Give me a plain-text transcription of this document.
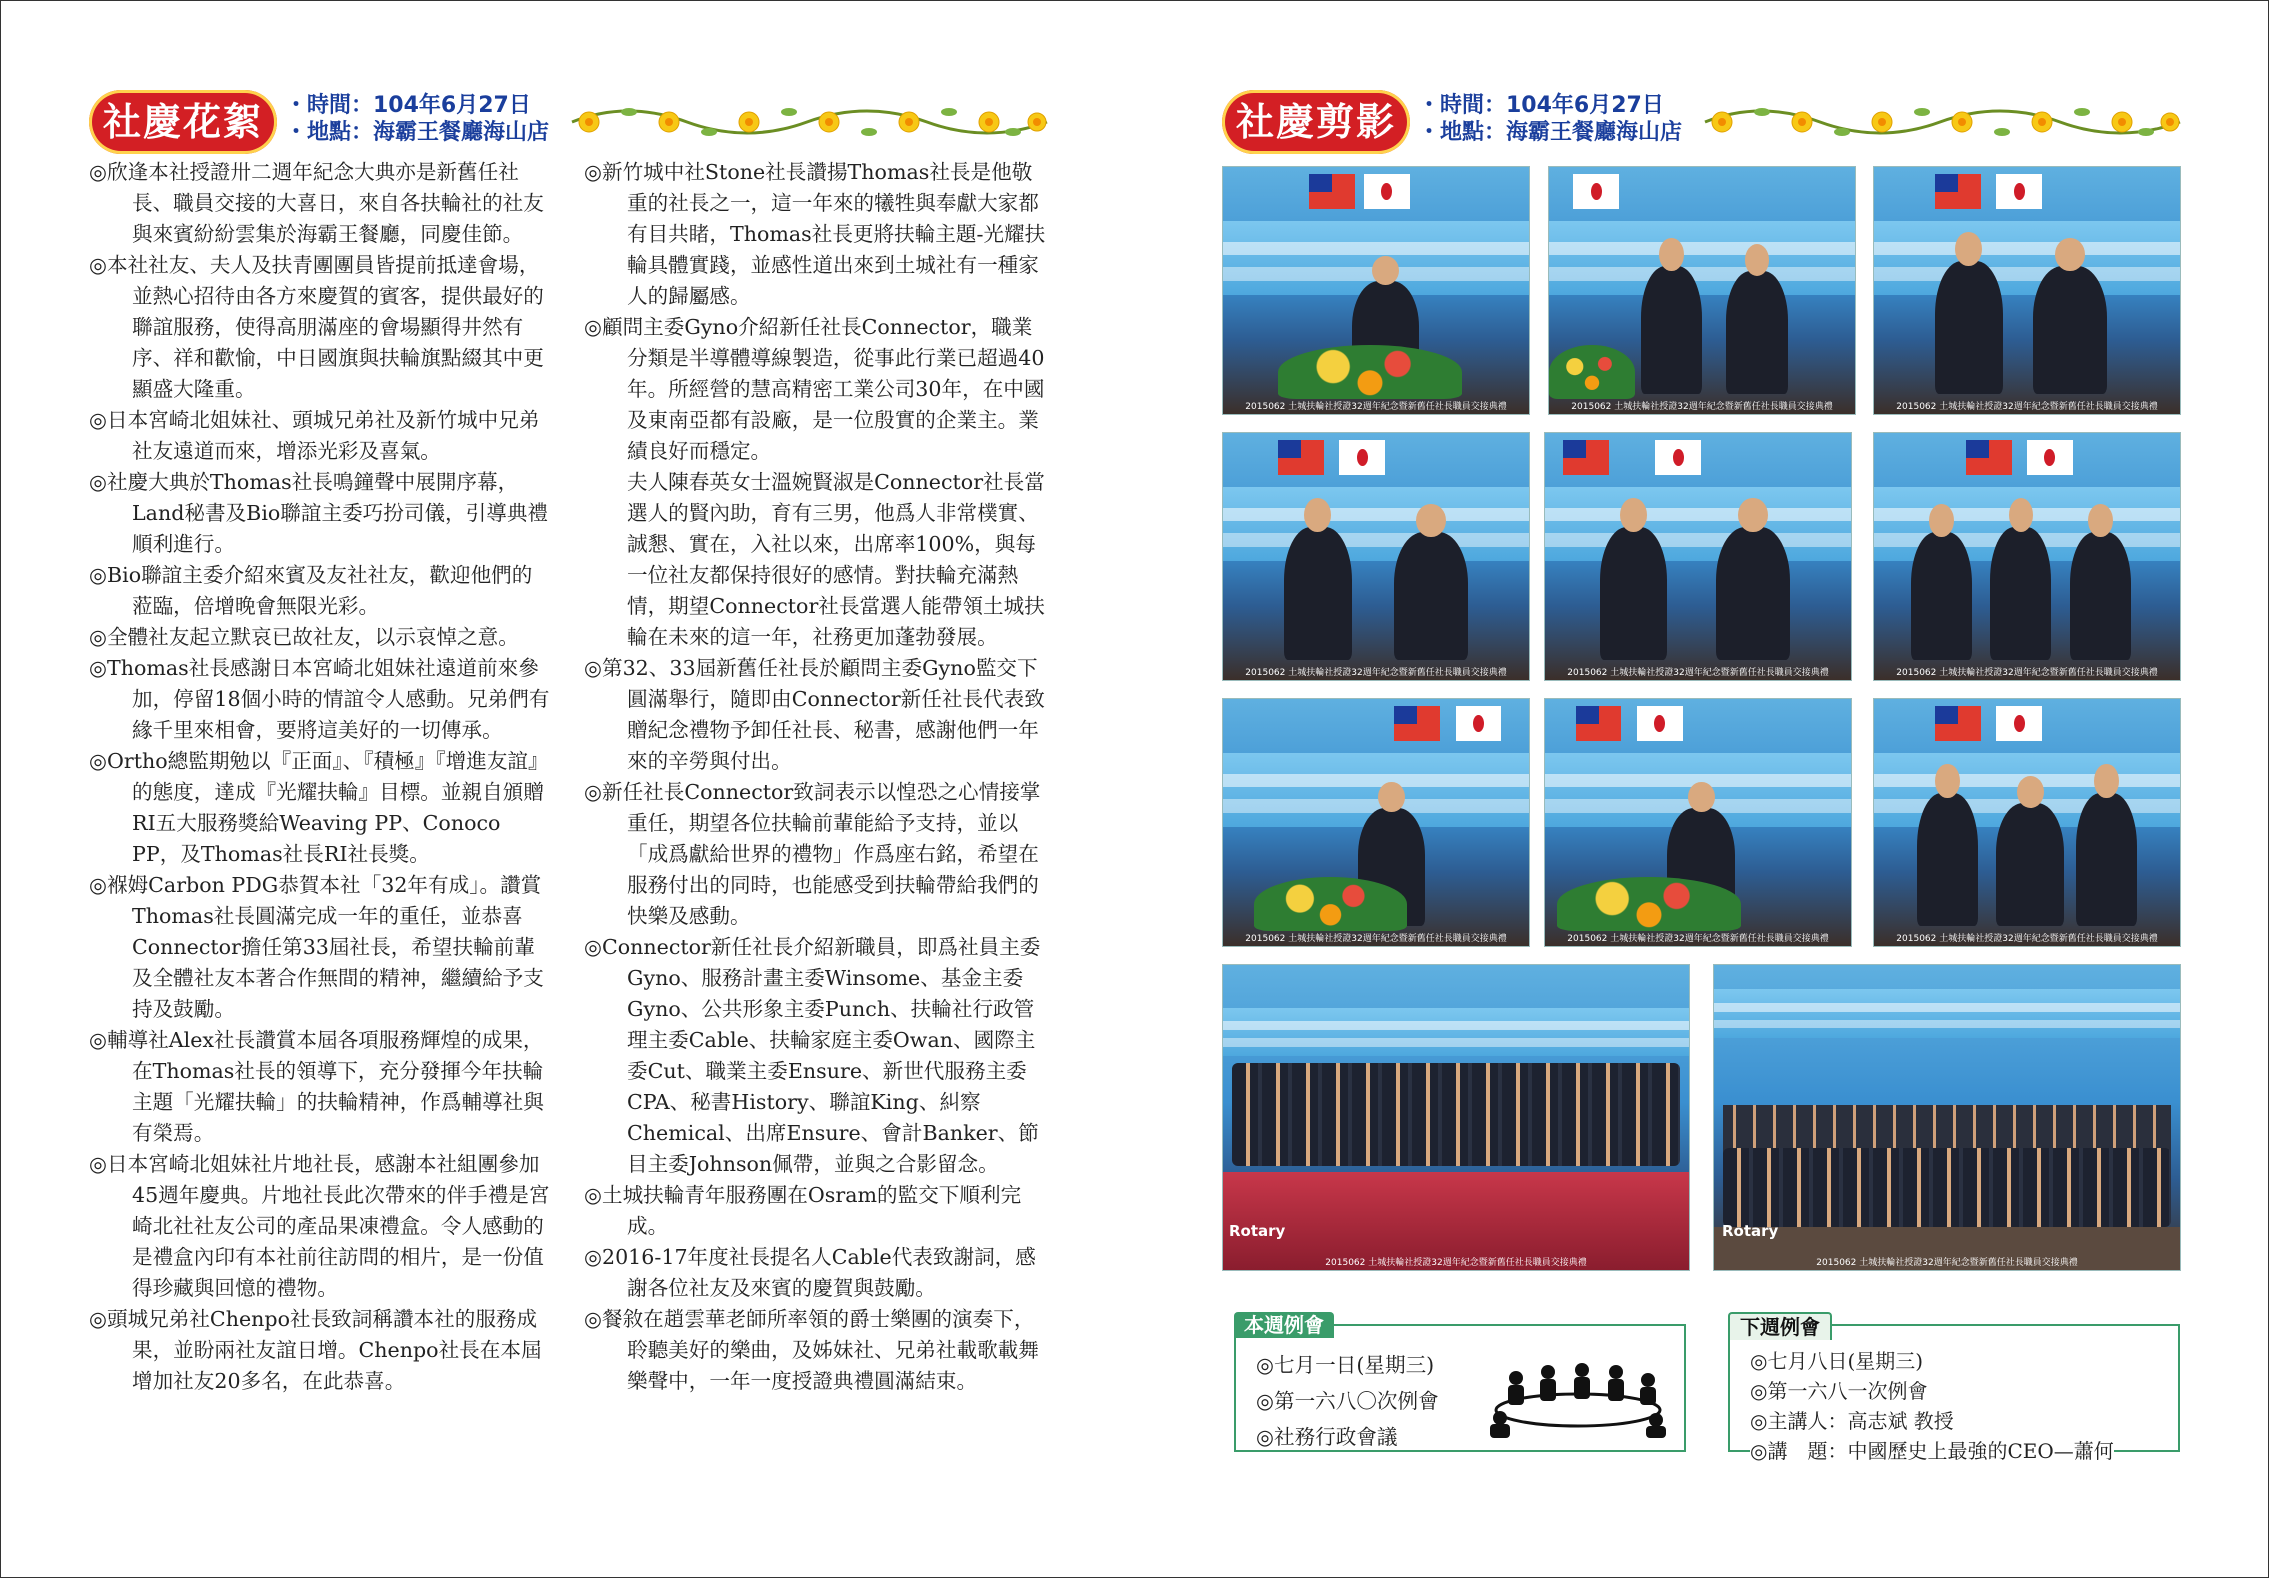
社慶花絮	・時間：104年6月27日
・地點：海霸王餐廳海山店

◎欣逢本社授證卅二週年紀念大典亦是新舊任社長、職員交接的大喜日，來自各扶輪社的社友與來賓紛紛雲集於海霸王餐廳，同慶佳節。

◎本社社友、夫人及扶青團團員皆提前抵達會場，並熱心招待由各方來慶賀的賓客，提供最好的聯誼服務，使得高朋滿座的會場顯得井然有序、祥和歡愉，中日國旗與扶輪旗點綴其中更顯盛大隆重。

◎日本宮崎北姐妹社、頭城兄弟社及新竹城中兄弟社友遠道而來，增添光彩及喜氣。

◎社慶大典於Thomas社長鳴鐘聲中展開序幕，Land秘書及Bio聯誼主委巧扮司儀，引導典禮順利進行。

◎Bio聯誼主委介紹來賓及友社社友，歡迎他們的蒞臨，倍增晚會無限光彩。

◎全體社友起立默哀已故社友，以示哀悼之意。

◎Thomas社長感謝日本宮崎北姐妹社遠道前來參加，停留18個小時的情誼令人感動。兄弟們有緣千里來相會，要將這美好的一切傳承。

◎Ortho總監期勉以『正面』、『積極』『增進友誼』的態度，達成『光耀扶輪』目標。並親自頒贈RI五大服務獎給Weaving PP、Conoco PP，及Thomas社長RI社長獎。

◎褓姆Carbon PDG恭賀本社「32年有成」。讚賞Thomas社長圓滿完成一年的重任，並恭喜Connector擔任第33屆社長，希望扶輪前輩及全體社友本著合作無間的精神，繼續給予支持及鼓勵。

◎輔導社Alex社長讚賞本屆各項服務輝煌的成果，在Thomas社長的領導下，充分發揮今年扶輪主題「光耀扶輪」的扶輪精神，作爲輔導社與有榮焉。

◎日本宮崎北姐妹社片地社長，感謝本社組團參加45週年慶典。片地社長此次帶來的伴手禮是宮崎北社社友公司的產品果凍禮盒。令人感動的是禮盒內印有本社前往訪問的相片，是一份值得珍藏與回憶的禮物。

◎頭城兄弟社Chenpo社長致詞稱讚本社的服務成果，並盼兩社友誼日增。Chenpo社長在本屆增加社友20多名，在此恭喜。

◎新竹城中社Stone社長讚揚Thomas社長是他敬重的社長之一，這一年來的犧牲與奉獻大家都有目共睹，Thomas社長更將扶輪主題-光耀扶輪具體實踐，並感性道出來到土城社有一種家人的歸屬感。

◎顧問主委Gyno介紹新任社長Connector，職業分類是半導體導線製造，從事此行業已超過40年。所經營的慧高精密工業公司30年，在中國及東南亞都有設廠，是一位殷實的企業主。業績良好而穩定。

夫人陳春英女士溫婉賢淑是Connector社長當選人的賢內助，育有三男，他爲人非常樸實、誠懇、實在，入社以來，出席率100%，與每一位社友都保持很好的感情。對扶輪充滿熱情，期望Connector社長當選人能帶領土城扶輪在未來的這一年，社務更加蓬勃發展。

◎第32、33屆新舊任社長於顧問主委Gyno監交下圓滿舉行，隨即由Connector新任社長代表致贈紀念禮物予卸任社長、秘書，感謝他們一年來的辛勞與付出。

◎新任社長Connector致詞表示以惶恐之心情接掌重任，期望各位扶輪前輩能給予支持，並以「成爲獻給世界的禮物」作爲座右銘，希望在服務付出的同時，也能感受到扶輪帶給我們的快樂及感動。

◎Connector新任社長介紹新職員，即爲社員主委Gyno、服務計畫主委Winsome、基金主委Gyno、公共形象主委Punch、扶輪社行政管理主委Cable、扶輪家庭主委Owan、國際主委Cut、職業主委Ensure、新世代服務主委CPA、秘書History、聯誼King、糾察Chemical、出席Ensure、會計Banker、節目主委Johnson佩帶，並與之合影留念。

◎土城扶輪青年服務團在Osram的監交下順利完成。

◎2016-17年度社長提名人Cable代表致謝詞，感謝各位社友及來賓的慶賀與鼓勵。

◎餐敘在趙雲華老師所率領的爵士樂團的演奏下，聆聽美好的樂曲，及姊妹社、兄弟社載歌載舞樂聲中，一年一度授證典禮圓滿結束。

社慶剪影	・時間：104年6月27日
・地點：海霸王餐廳海山店
2015062 土城扶輪社授證32週年紀念暨新舊任社長職員交接典禮	2015062 土城扶輪社授證32週年紀念暨新舊任社長職員交接典禮	2015062 土城扶輪社授證32週年紀念暨新舊任社長職員交接典禮
2015062 土城扶輪社授證32週年紀念暨新舊任社長職員交接典禮	2015062 土城扶輪社授證32週年紀念暨新舊任社長職員交接典禮	2015062 土城扶輪社授證32週年紀念暨新舊任社長職員交接典禮
2015062 土城扶輪社授證32週年紀念暨新舊任社長職員交接典禮	2015062 土城扶輪社授證32週年紀念暨新舊任社長職員交接典禮	2015062 土城扶輪社授證32週年紀念暨新舊任社長職員交接典禮
Rotary
2015062 土城扶輪社授證32週年紀念暨新舊任社長職員交接典禮
Rotary
2015062 土城扶輪社授證32週年紀念暨新舊任社長職員交接典禮
本週例會
◎七月一日(星期三)
◎第一六八〇次例會
◎社務行政會議
下週例會
◎七月八日(星期三)
◎第一六八一次例會
◎主講人：高志斌 教授
◎講　題：中國歷史上最強的CEO—蕭何
